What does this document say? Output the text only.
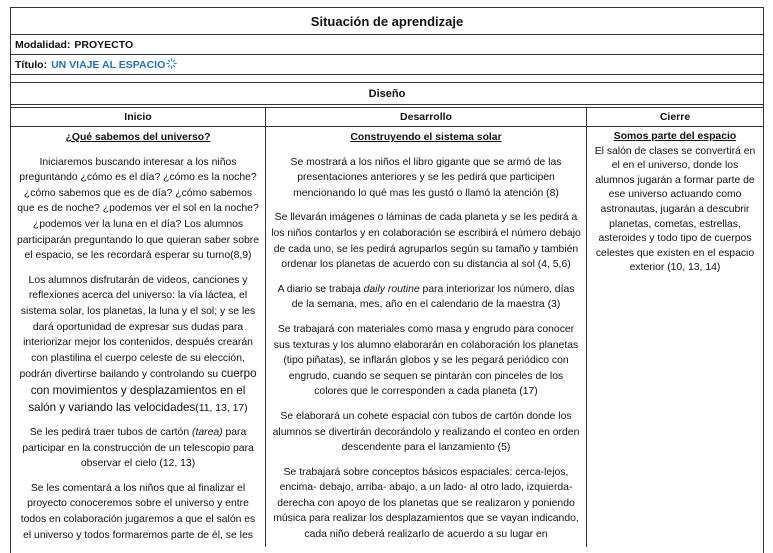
Situación de aprendizaje
Modalidad: PROYECTO
Título: UN VIAJE AL ESPACIO
Diseño
Inicio
¿Qué sabemos del universo?
Iniciaremos buscando interesar a los niños preguntando ¿cómo es el día? ¿cómo es la noche? ¿cómo sabemos que es de día? ¿cómo sabemos que es de noche? ¿podemos ver el sol en la noche? ¿podemos ver la luna en el día? Los alumnos participarán preguntando lo que quieran saber sobre el espacio, se les recordará esperar su turno(8,9)
Los alumnos disfrutarán de videos, canciones y reflexiones acerca del universo: la vía láctea, el sistema solar, los planetas, la luna y el sol; y se les dará oportunidad de expresar sus dudas para interiorizar mejor los contenidos, después crearán con plastilina el cuerpo celeste de su elección, podrán divertirse bailando y controlando su cuerpo con movimientos y desplazamientos en el salón y variando las velocidades(11, 13, 17)
Se les pedirá traer tubos de cartón (tarea) para participar en la construcción de un telescopio para observar el cielo (12, 13)
Se les comentará a los niños que al finalizar el proyecto conoceremos sobre el universo y entre todos en colaboración jugaremos a que el salón es el universo y todos formaremos parte de él, se les
Desarrollo
Construyendo el sistema solar
Se mostrará a los niños el libro gigante que se armó de las presentaciones anteriores y se les pedirá que participen mencionando lo qué mas les gustó o llamó la atención (8)
Se llevarán imágenes o láminas de cada planeta y se les pedirá a los niños contarlos y en colaboración se escribirá el número debajo de cada uno, se les pedirá agruparlos según su tamaño y también ordenar los planetas de acuerdo con su distancia al sol (4, 5,6)
A diario se trabaja daily routine para interiorizar los número, días de la semana, mes, año en el calendario de la maestra (3)
Se trabajará con materiales como masa y engrudo para conocer sus texturas y los alumno elaborarán en colaboración los planetas (tipo piñatas), se inflarán globos y se les pegará periódico con engrudo, cuando se sequen se pintarán con pinceles de los colores que le corresponden a cada planeta (17)
Se elaborará un cohete espacial con tubos de cartón donde los alumnos se divertirán decorándolo y realizando el conteo en orden descendente para el lanzamiento (5)
Se trabajará sobre conceptos básicos espaciales: cerca-lejos, encima- debajo, arriba- abajo, a un lado- al otro lado, izquierda-derecha con apoyo de los planetas que se realizaron y poniendo música para realizar los desplazamientos que se vayan indicando, cada niño deberá realizarlo de acuerdo a su lugar en
Cierre
Somos parte del espacio
El salón de clases se convertirá en el en el universo, donde los alumnos jugarán a formar parte de ese universo actuando como astronautas, jugarán a descubrir planetas, cometas, estrellas, asteroides y todo tipo de cuerpos celestes que existen en el espacio exterior (10, 13, 14)
